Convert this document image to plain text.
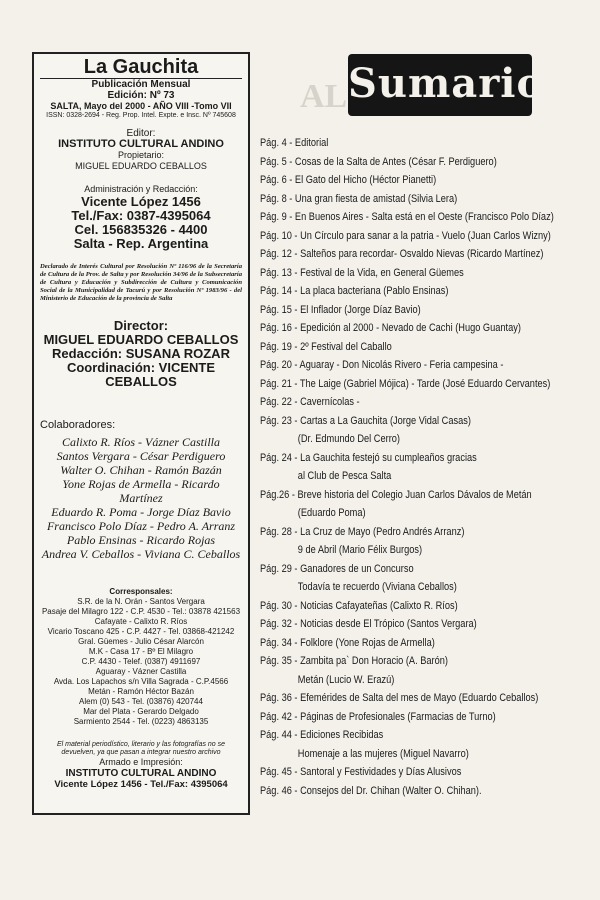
AL
La Gauchita
Publicación Mensual
Edición: Nº 73
SALTA, Mayo del 2000 - AÑO VIII -Tomo VII
ISSN: 0328-2694 - Reg. Prop. Intel. Expte. e Insc. Nº 745608
Editor:
INSTITUTO CULTURAL ANDINO
Propietario:
MIGUEL EDUARDO CEBALLOS
Administración y Redacción:
Vicente López 1456
Tel./Fax: 0387-4395064
Cel. 156835326 - 4400
Salta - Rep. Argentina
Declarado de Interés Cultural por Resolución Nº 116/96 de la Secretaría de Cultura de la Prov. de Salta y por Resolución 34/96 de la Subsecretaría de Cultura y Educación y Subdirección de Cultura y Comunicación Social de la Municipalidad de Tacurú y por Resolución Nº 1983/96 - del Ministerio de Educación de la provincia de Salta
Director:
MIGUEL EDUARDO CEBALLOS
Redacción: SUSANA ROZAR
Coordinación: VICENTE CEBALLOS
Colaboradores:
Calixto R. Ríos - Vázner Castilla
Santos Vergara - César Perdiguero
Walter O. Chihan - Ramón Bazán
Yone Rojas de Armella - Ricardo
Martínez
Eduardo R. Poma - Jorge Díaz Bavio
Francisco Polo Díaz - Pedro A. Arranz
Pablo Ensinas - Ricardo Rojas
Andrea V. Ceballos - Viviana C. Ceballos
Corresponsales:
S.R. de la N. Orán - Santos Vergara
Pasaje del Milagro 122 - C.P. 4530 - Tel.: 03878 421563
Cafayate - Calixto R. Ríos
Vicario Toscano 425 - C.P. 4427 - Tel. 03868-421242
Gral. Güemes - Julio César Alarcón
M.K - Casa 17 - Bº El Milagro
C.P. 4430 - Telef. (0387) 4911697
Aguaray - Vázner Castilla
Avda. Los Lapachos s/n Villa Sagrada - C.P.4566
Metán - Ramón Héctor Bazán
Alem (0) 543 - Tel. (03876) 420744
Mar del Plata - Gerardo Delgado
Sarmiento 2544 - Tel. (0223) 4863135
El material periodístico, literario y las fotografías no se devuelven, ya que pasan a integrar nuestro archivo
Armado e Impresión:
INSTITUTO CULTURAL ANDINO
Vicente López 1456 - Tel./Fax: 4395064
Sumario
Pág. 4 - Editorial
Pág. 5 - Cosas de la Salta de Antes (César F. Perdiguero)
Pág. 6 - El Gato del Hicho (Héctor Pianetti)
Pág. 8 - Una gran fiesta de amistad (Silvia Lera)
Pág. 9 - En Buenos Aires - Salta está en el Oeste (Francisco Polo Díaz)
Pág. 10 - Un Círculo para sanar a la patria - Vuelo (Juan Carlos Wizny)
Pág. 12 - Salteños para recordar- Osvaldo Nievas (Ricardo Martínez)
Pág. 13 - Festival de la Vida, en General Güemes
Pág. 14 - La placa bacteriana (Pablo Ensinas)
Pág. 15 - El Inflador (Jorge Díaz Bavio)
Pág. 16 - Epedición al 2000 - Nevado de Cachi (Hugo Guantay)
Pág. 19 - 2º Festival del Caballo
Pág. 20 - Aguaray - Don Nicolás Rivero - Feria campesina -
Pág. 21 - The Laige (Gabriel Mójica) - Tarde (José Eduardo Cervantes)
Pág. 22 - Cavernícolas -
Pág. 23 - Cartas a La Gauchita (Jorge Vidal Casas)
(Dr. Edmundo Del Cerro)
Pág. 24 - La Gauchita festejó su cumpleaños gracias
al Club de Pesca Salta
Pág.26 - Breve historia del Colegio Juan Carlos Dávalos de Metán
(Eduardo Poma)
Pág. 28 - La Cruz de Mayo (Pedro Andrés Arranz)
9 de Abril (Mario Félix Burgos)
Pág. 29 - Ganadores de un Concurso
Todavía te recuerdo (Viviana Ceballos)
Pág. 30 - Noticias Cafayateñas (Calixto R. Ríos)
Pág. 32 - Noticias desde El Trópico (Santos Vergara)
Pág. 34 - Folklore (Yone Rojas de Armella)
Pág. 35 - Zambita pa` Don Horacio (A. Barón)
Metán (Lucio W. Erazú)
Pág. 36 - Efemérides de Salta del mes de Mayo (Eduardo Ceballos)
Pág. 42 - Páginas de Profesionales (Farmacias de Turno)
Pág. 44 - Ediciones Recibidas
Homenaje a las mujeres (Miguel Navarro)
Pág. 45 - Santoral y Festividades y Días Alusivos
Pág. 46 - Consejos del Dr. Chihan (Walter O. Chihan).
